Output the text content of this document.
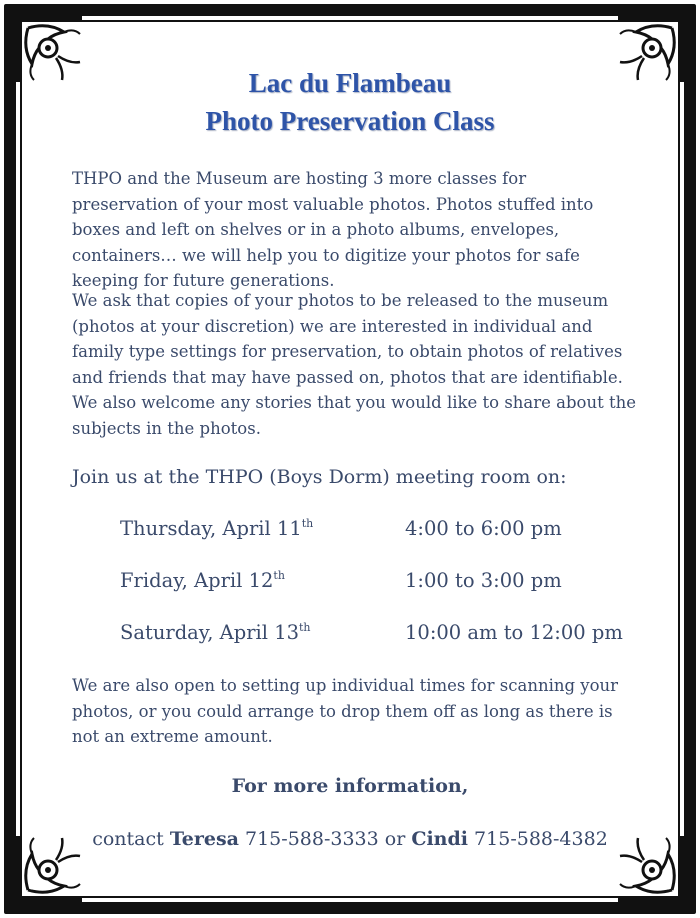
Lac du Flambeau
Photo Preservation Class

THPO and the Museum are hosting 3 more classes for preservation of your most valuable photos. Photos stuffed into boxes and left on shelves or in a photo albums, envelopes, containers… we will help you to digitize your photos for safe keeping for future generations.

We ask that copies of your photos to be released to the museum (photos at your discretion) we are interested in individual and family type settings for preservation, to obtain photos of relatives and friends that may have passed on, photos that are identifiable. We also welcome any stories that you would like to share about the subjects in the photos.

Join us at the THPO (Boys Dorm) meeting room on:
Thursday, April 11th	4:00 to 6:00 pm
Friday, April 12th	1:00 to 3:00 pm
Saturday, April 13th	10:00 am to 12:00 pm

We are also open to setting up individual times for scanning your photos, or you could arrange to drop them off as long as there is not an extreme amount.

For more information,
contact Teresa 715-588-3333 or Cindi 715-588-4382
